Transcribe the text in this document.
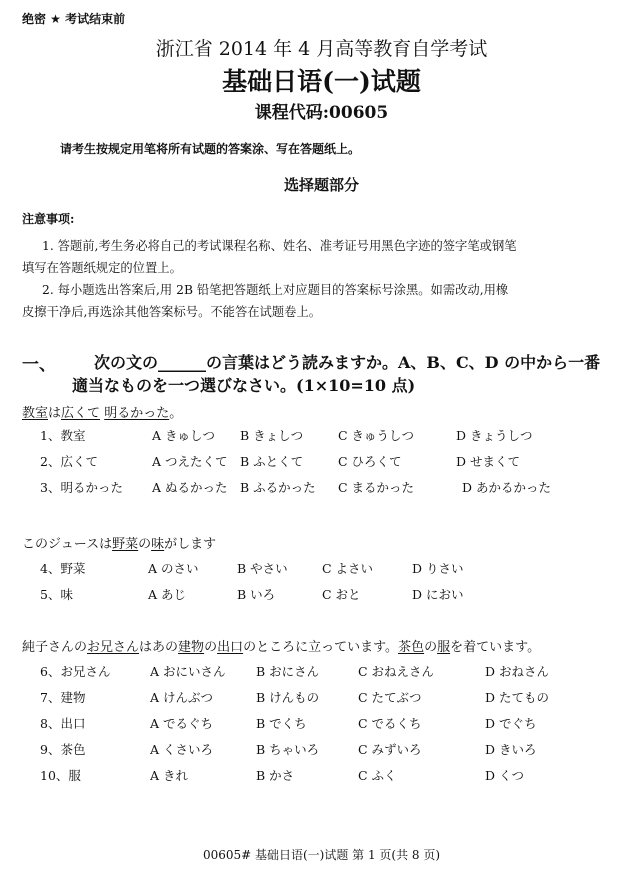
绝密 ★ 考试结束前
浙江省 2014 年 4 月高等教育自学考试
基础日语(一)试题
课程代码:00605
请考生按规定用笔将所有试题的答案涂、写在答题纸上。
选择题部分
注意事项:
1. 答题前,考生务必将自己的考试课程名称、姓名、准考证号用黑色字迹的签字笔或钢笔
填写在答题纸规定的位置上。
2. 每小题选出答案后,用 2B 铅笔把答题纸上对应题目的答案标号涂黑。如需改动,用橡
皮擦干净后,再选涂其他答案标号。不能答在试题卷上。
一、 次の文の______の言葉はどう読みますか。A、B、C、D の中から一番
適当なものを一つ選びなさい。(1×10=10 点)
教室は広くて 明るかった。
1、教室	A きゅしつ B きょしつ	C きゅうしつ	D きょうしつ
2、広くて	A つえたくて B ふとくて	C ひろくて	D せまくて
3、明るかった A ぬるかった B ふるかった C まるかった	D あかるかった
このジュースは野菜の味がします
4、野菜	A のさい	B やさい	C よさい	D りさい
5、味	A あじ	B いろ	C おと	D におい
純子さんのお兄さんはあの建物の出口のところに立っています。茶色の服を着ています。
6、お兄さん	A おにいさん B おにさん	C おねえさん	D おねさん
7、建物	A けんぶつ	B けんもの	C たてぶつ	D たてもの
8、出口	A でるぐち	B でくち	C でるくち	D でぐち
9、茶色	A くさいろ	B ちゃいろ	C みずいろ	D きいろ
10、服	A きれ	B かさ	C ふく	D くつ
00605# 基础日语(一)试题 第 1 页(共 8 页)
